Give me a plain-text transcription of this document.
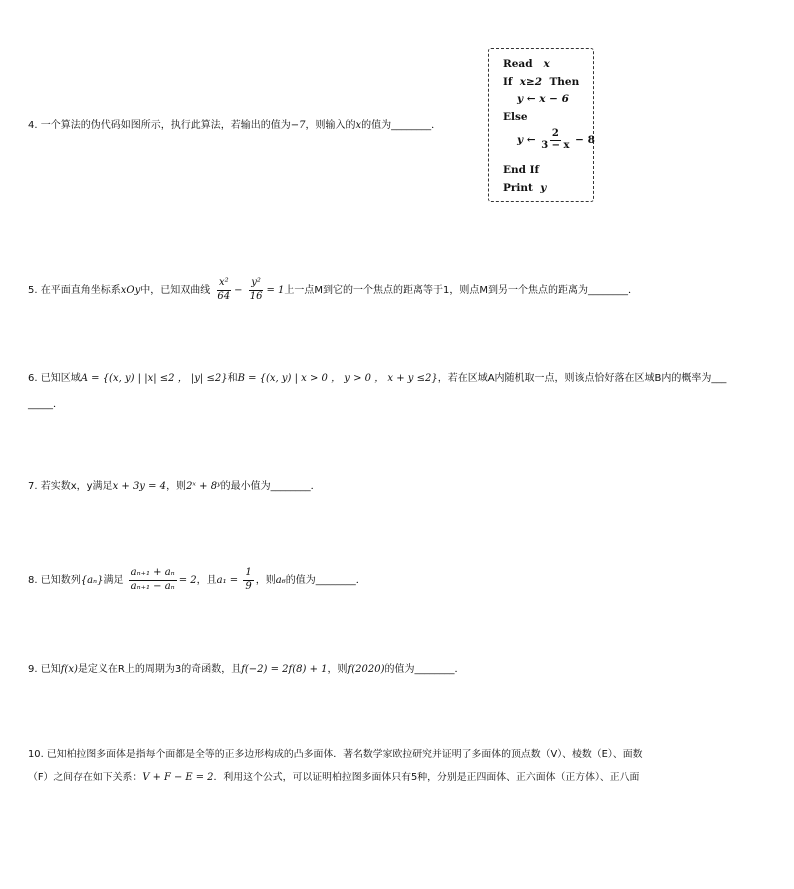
4. 一个算法的伪代码如图所示，执行此算法，若输出的值为−7，则输入的x的值为________．
Read x
If x≥2 Then
y ← x − 6
Else
y ← $\frac{2}{3 - x} - 8$
End If
Print y
5. 在平面直角坐标系xOy中，已知双曲线 $\frac{\text{x²}}{64} - \frac{\text{y²}}{16} = 1$上一点M到它的一个焦点的距离等于1，则点M到另一个焦点的距离为________．
6. 已知区域A = {(x, y) | |x| ≤2 ， |y| ≤2}和B = {(x, y) | x > 0 ， y > 0 ， x + y ≤2}，若在区域A内随机取一点，则该点恰好落在区域B内的概率为___
_____．
7. 若实数x，y满足x + 3y = 4，则2ˣ + 8ʸ的最小值为________．
8. 已知数列{aₙ}满足 $\frac{\text{aₙ₊₁ + aₙ}}{\text{aₙ₊₁ − aₙ}} = 2$，且$a_1 = \frac{1}{9}$ ，则a₆的值为________．
9. 已知f(x)是定义在R上的周期为3的奇函数，且f(−2) = 2f(8) + 1，则f(2020)的值为________．
10. 已知柏拉图多面体是指每个面都是全等的正多边形构成的凸多面体．著名数学家欧拉研究并证明了多面体的顶点数（V）、棱数（E）、面数
（F）之间存在如下关系：V + F − E = 2．利用这个公式，可以证明柏拉图多面体只有5种，分别是正四面体、正六面体（正方体）、正八面
